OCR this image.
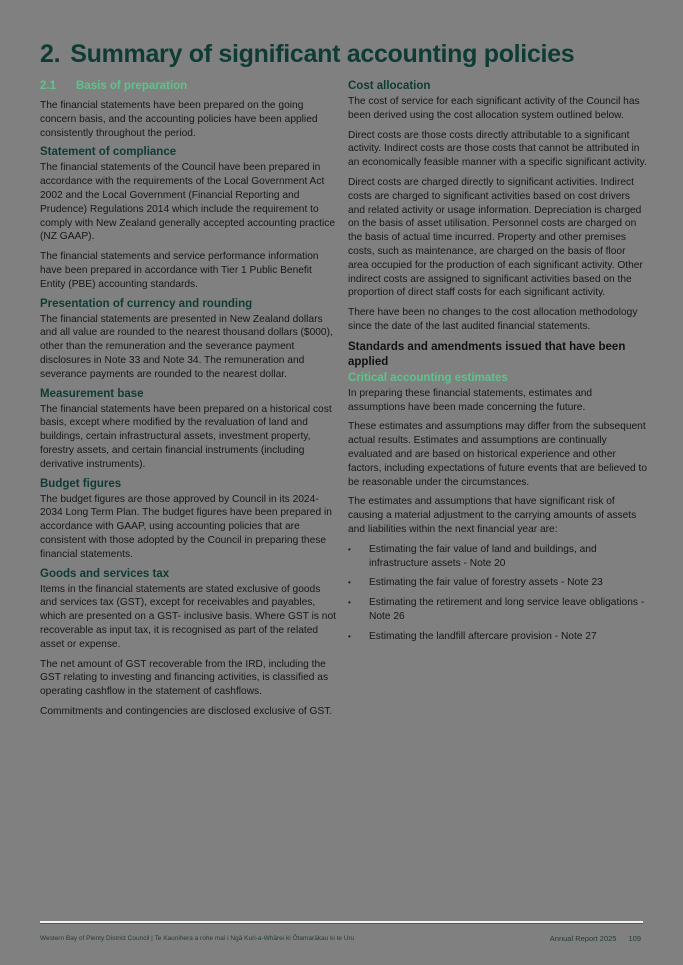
2. Summary of significant accounting policies
2.1 Basis of preparation

The financial statements have been prepared on the going concern basis, and the accounting policies have been applied consistently throughout the period.

Statement of compliance

The financial statements of the Council have been prepared in accordance with the requirements of the Local Government Act 2002 and the Local Government (Financial Reporting and Prudence) Regulations 2014 which include the requirement to comply with New Zealand generally accepted accounting practice (NZ GAAP).

The financial statements and service performance information have been prepared in accordance with Tier 1 Public Benefit Entity (PBE) accounting standards.

Presentation of currency and rounding

The financial statements are presented in New Zealand dollars and all value are rounded to the nearest thousand dollars ($000), other than the remuneration and the severance payment disclosures in Note 33 and Note 34. The remuneration and severance payments are rounded to the nearest dollar.

Measurement base

The financial statements have been prepared on a historical cost basis, except where modified by the revaluation of land and buildings, certain infrastructural assets, investment property, forestry assets, and certain financial instruments (including derivative instruments).

Budget figures

The budget figures are those approved by Council in its 2024-2034 Long Term Plan. The budget figures have been prepared in accordance with GAAP, using accounting policies that are consistent with those adopted by the Council in preparing these financial statements.

Goods and services tax

Items in the financial statements are stated exclusive of goods and services tax (GST), except for receivables and payables, which are presented on a GST- inclusive basis. Where GST is not recoverable as input tax, it is recognised as part of the related asset or expense.

The net amount of GST recoverable from the IRD, including the GST relating to investing and financing activities, is classified as operating cashflow in the statement of cashflows.

Commitments and contingencies are disclosed exclusive of GST.

Cost allocation

The cost of service for each significant activity of the Council has been derived using the cost allocation system outlined below.

Direct costs are those costs directly attributable to a significant activity. Indirect costs are those costs that cannot be attributed in an economically feasible manner with a specific significant activity.

Direct costs are charged directly to significant activities. Indirect costs are charged to significant activities based on cost drivers and related activity or usage information. Depreciation is charged on the basis of asset utilisation. Personnel costs are charged on the basis of actual time incurred. Property and other premises costs, such as maintenance, are charged on the basis of floor area occupied for the production of each significant activity. Other indirect costs are assigned to significant activities based on the proportion of direct staff costs for each significant activity.

There have been no changes to the cost allocation methodology since the date of the last audited financial statements.

Standards and amendments issued that have been applied
Critical accounting estimates

In preparing these financial statements, estimates and assumptions have been made concerning the future.

These estimates and assumptions may differ from the subsequent actual results. Estimates and assumptions are continually evaluated and are based on historical experience and other factors, including expectations of future events that are believed to be reasonable under the circumstances.

The estimates and assumptions that have significant risk of causing a material adjustment to the carrying amounts of assets and liabilities within the next financial year are:

• Estimating the fair value of land and buildings, and infrastructure assets - Note 20
• Estimating the fair value of forestry assets - Note 23
• Estimating the retirement and long service leave obligations - Note 26
• Estimating the landfill aftercare provision - Note 27
Western Bay of Plenty District Council | Te Kaunihera a rohe mai i Ngā Kuri-a-Whārei ki Ōtamarākau ki te Uru	Annual Report 2025 109
